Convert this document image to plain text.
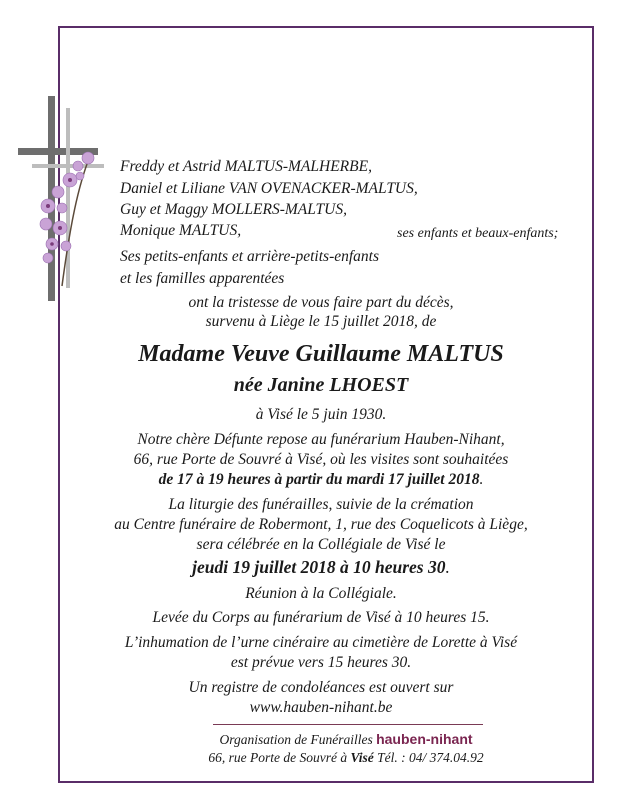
Freddy et Astrid MALTUS-MALHERBE,
Daniel et Liliane VAN OVENACKER-MALTUS,
Guy et Maggy MOLLERS-MALTUS,
Monique MALTUS,	ses enfants et beaux-enfants;
Ses petits-enfants et arrière-petits-enfants
et les familles apparentées
ont la tristesse de vous faire part du décès,
survenu à Liège le 15 juillet 2018, de
Madame Veuve Guillaume MALTUS
née Janine LHOEST
à Visé le 5 juin 1930.
Notre chère Défunte repose au funérarium Hauben-Nihant,
66, rue Porte de Souvré à Visé, où les visites sont souhaitées
de 17 à 19 heures à partir du mardi 17 juillet 2018.
La liturgie des funérailles, suivie de la crémation
au Centre funéraire de Robermont, 1, rue des Coquelicots à Liège,
sera célébrée en la Collégiale de Visé le
jeudi 19 juillet 2018 à 10 heures 30.
Réunion à la Collégiale.
Levée du Corps au funérarium de Visé à 10 heures 15.
L’inhumation de l’urne cinéraire au cimetière de Lorette à Visé
est prévue vers 15 heures 30.
Un registre de condoléances est ouvert sur
www.hauben-nihant.be
Organisation de Funérailles hauben-nihant
66, rue Porte de Souvré à Visé Tél. : 04/ 374.04.92
